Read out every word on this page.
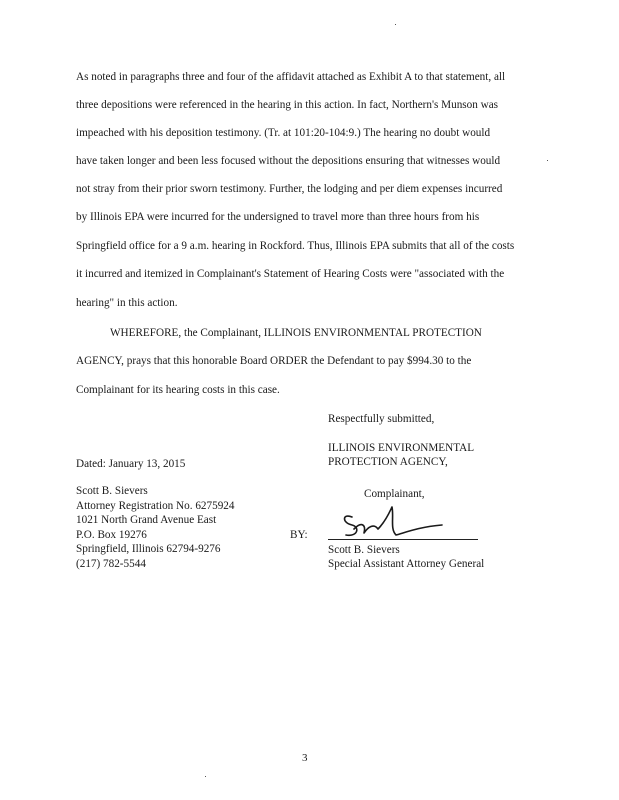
As noted in paragraphs three and four of the affidavit attached as Exhibit A to that statement, all
three depositions were referenced in the hearing in this action. In fact, Northern's Munson was
impeached with his deposition testimony. (Tr. at 101:20-104:9.) The hearing no doubt would
have taken longer and been less focused without the depositions ensuring that witnesses would
not stray from their prior sworn testimony. Further, the lodging and per diem expenses incurred
by Illinois EPA were incurred for the undersigned to travel more than three hours from his
Springfield office for a 9 a.m. hearing in Rockford. Thus, Illinois EPA submits that all of the costs
it incurred and itemized in Complainant's Statement of Hearing Costs were "associated with the
hearing" in this action.
WHEREFORE, the Complainant, ILLINOIS ENVIRONMENTAL PROTECTION
AGENCY, prays that this honorable Board ORDER the Defendant to pay $994.30 to the
Complainant for its hearing costs in this case.
Respectfully submitted,
ILLINOIS ENVIRONMENTAL
PROTECTION AGENCY,
Dated: January 13, 2015
Complainant,
Scott B. Sievers
Attorney Registration No. 6275924
1021 North Grand Avenue East
P.O. Box 19276
Springfield, Illinois 62794-9276
(217) 782-5544
BY:
Scott B. Sievers
Special Assistant Attorney General
3
